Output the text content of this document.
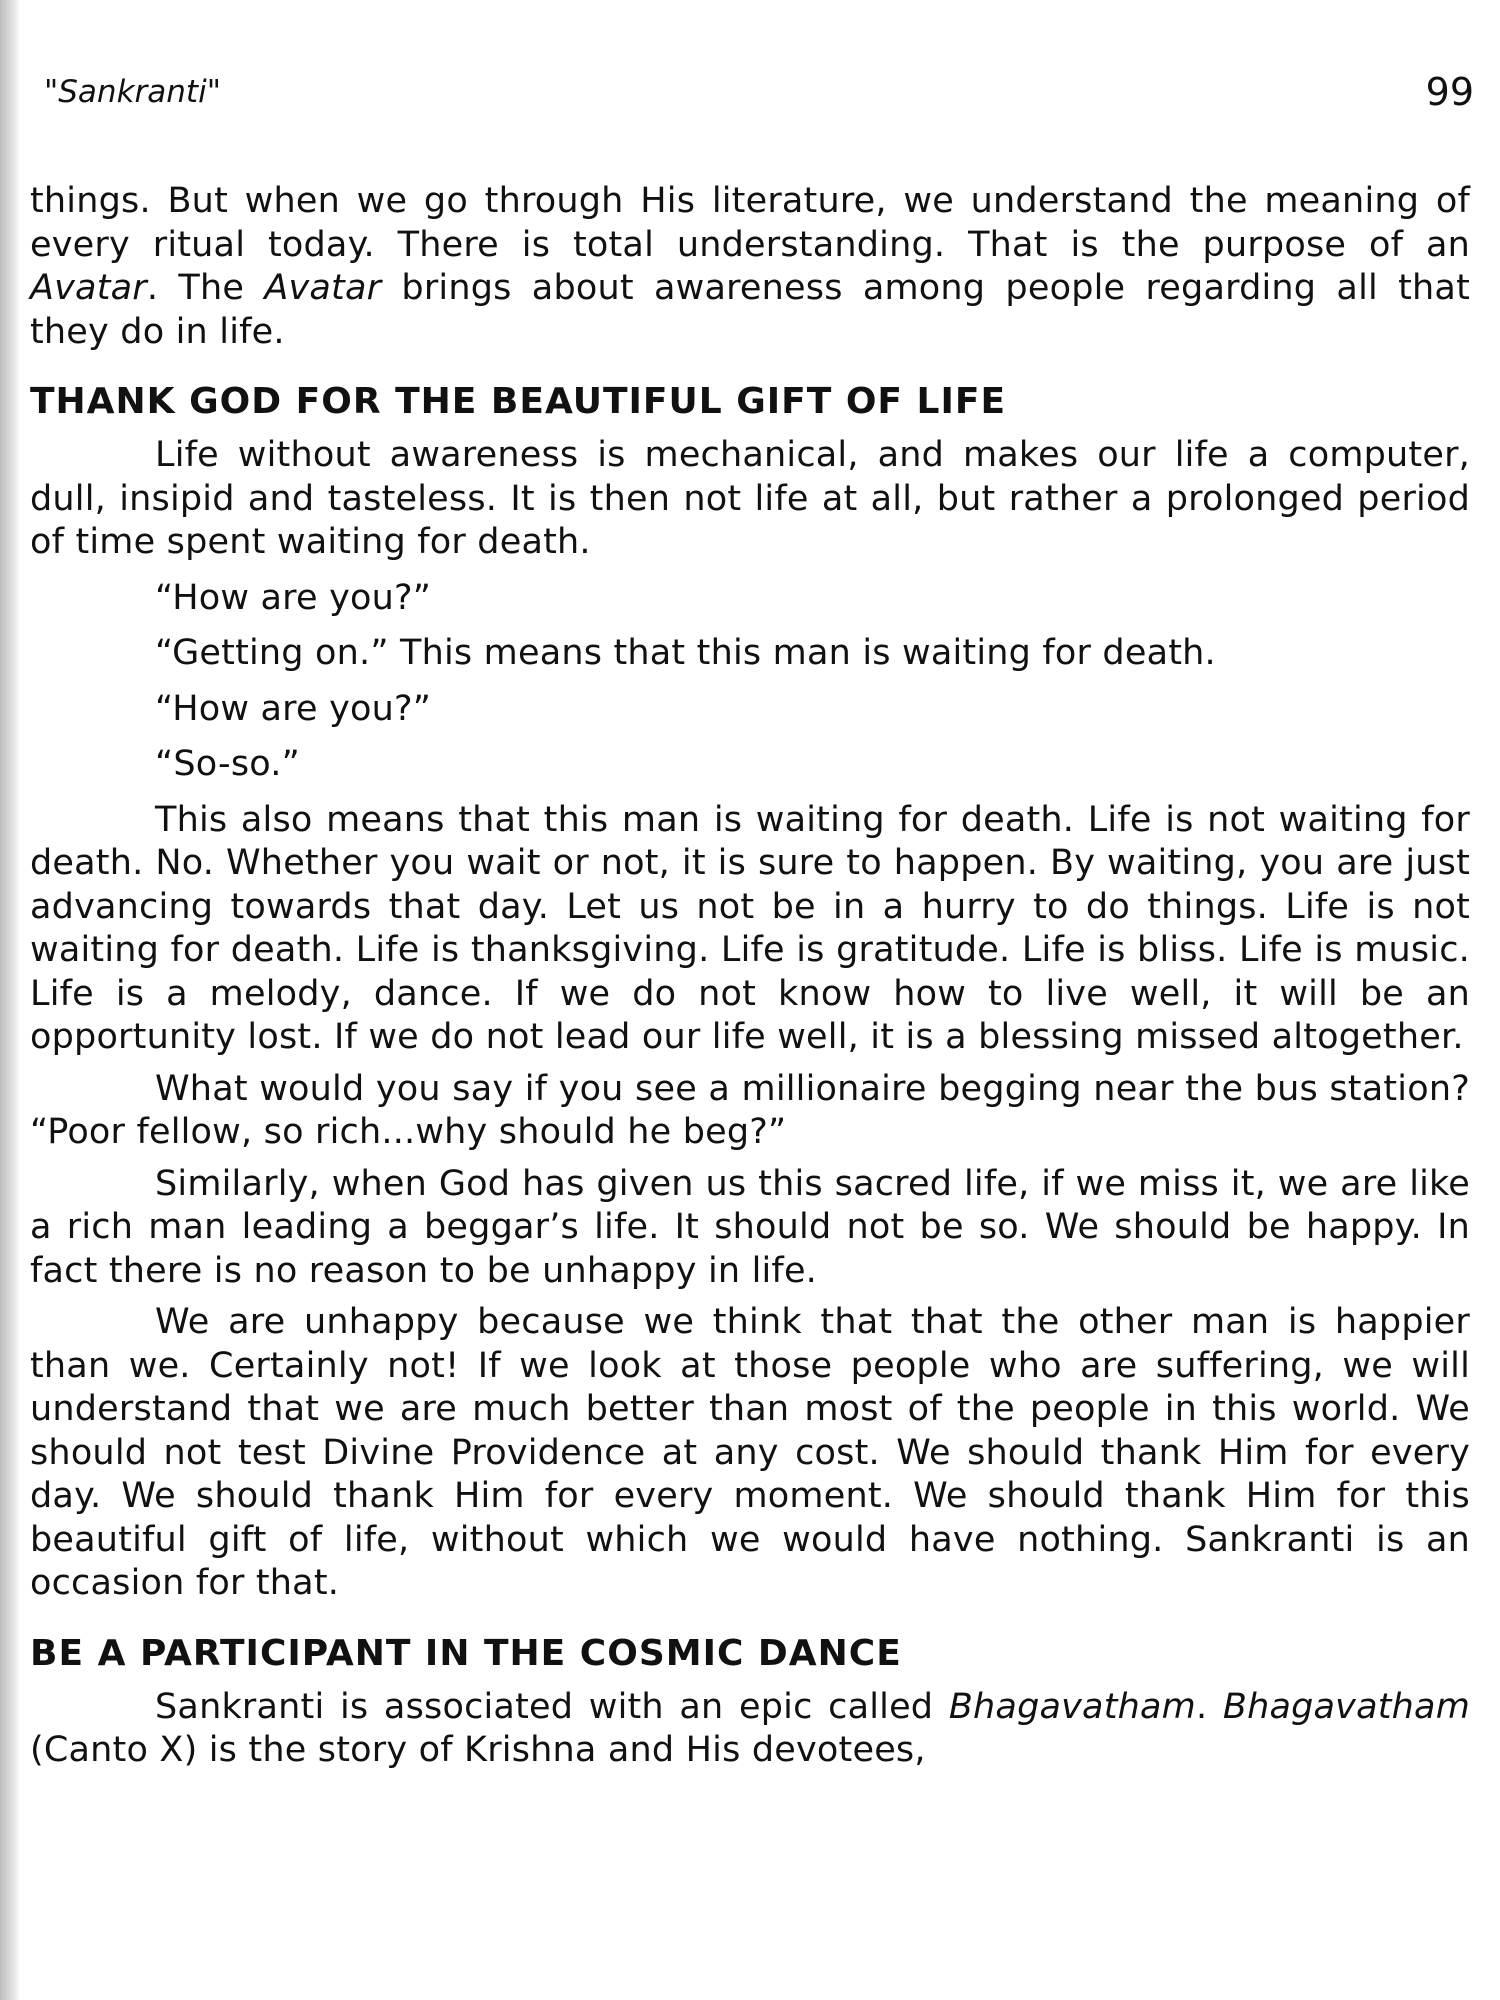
"Sankranti"	99

things. But when we go through His literature, we understand the meaning of every ritual today. There is total understanding. That is the purpose of an Avatar. The Avatar brings about awareness among people regarding all that they do in life.

THANK GOD FOR THE BEAUTIFUL GIFT OF LIFE

Life without awareness is mechanical, and makes our life a computer, dull, insipid and tasteless. It is then not life at all, but rather a prolonged period of time spent waiting for death.

“How are you?”

“Getting on.” This means that this man is waiting for death.

“How are you?”

“So-so.”

This also means that this man is waiting for death. Life is not waiting for death. No. Whether you wait or not, it is sure to happen. By waiting, you are just advancing towards that day. Let us not be in a hurry to do things. Life is not waiting for death. Life is thanksgiving. Life is gratitude. Life is bliss. Life is music. Life is a melody, dance. If we do not know how to live well, it will be an opportunity lost. If we do not lead our life well, it is a blessing missed altogether.

What would you say if you see a millionaire begging near the bus station? “Poor fellow, so rich...why should he beg?”

Similarly, when God has given us this sacred life, if we miss it, we are like a rich man leading a beggar’s life. It should not be so. We should be happy. In fact there is no reason to be unhappy in life.

We are unhappy because we think that that the other man is happier than we. Certainly not! If we look at those people who are suffering, we will understand that we are much better than most of the people in this world. We should not test Divine Providence at any cost. We should thank Him for every day. We should thank Him for every moment. We should thank Him for this beautiful gift of life, without which we would have nothing. Sankranti is an occasion for that.

BE A PARTICIPANT IN THE COSMIC DANCE

Sankranti is associated with an epic called Bhagavatham. Bhagavatham (Canto X) is the story of Krishna and His devotees,
